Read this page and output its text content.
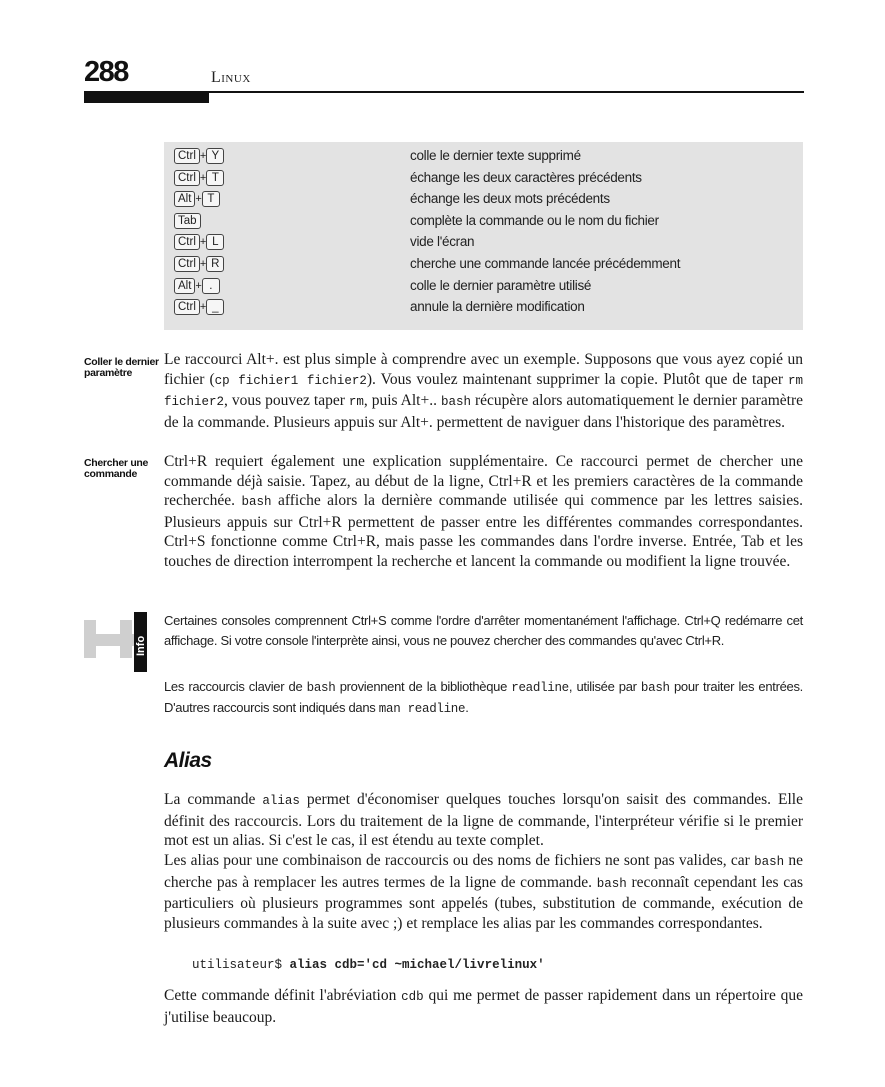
288	Linux
Ctrl + Y	colle le dernier texte supprimé
Ctrl + T	échange les deux caractères précédents
Alt + T	échange les deux mots précédents
Tab	complète la commande ou le nom du fichier
Ctrl + L	vide l'écran
Ctrl + R	cherche une commande lancée précédemment
Alt + .	colle le dernier paramètre utilisé
Ctrl + _	annule la dernière modification
Coller le dernier paramètre
Le raccourci Alt+. est plus simple à comprendre avec un exemple. Supposons que vous ayez copié un fichier (cp fichier1 fichier2). Vous voulez maintenant supprimer la copie. Plutôt que de taper rm fichier2, vous pouvez taper rm, puis Alt+.. bash récupère alors automatiquement le dernier paramètre de la commande. Plusieurs appuis sur Alt+. permettent de naviguer dans l'historique des paramètres.
Chercher une commande
Ctrl+R requiert également une explication supplémentaire. Ce raccourci permet de chercher une commande déjà saisie. Tapez, au début de la ligne, Ctrl+R et les premiers caractères de la commande recherchée. bash affiche alors la dernière commande utilisée qui commence par les lettres saisies. Plusieurs appuis sur Ctrl+R permettent de passer entre les différentes commandes correspondantes. Ctrl+S fonctionne comme Ctrl+R, mais passe les commandes dans l'ordre inverse. Entrée, Tab et les touches de direction interrompent la recherche et lancent la commande ou modifient la ligne trouvée.
Info
Certaines consoles comprennent Ctrl+S comme l'ordre d'arrêter momentanément l'affichage. Ctrl+Q redémarre cet affichage. Si votre console l'interprète ainsi, vous ne pouvez chercher des commandes qu'avec Ctrl+R.
Les raccourcis clavier de bash proviennent de la bibliothèque readline, utilisée par bash pour traiter les entrées. D'autres raccourcis sont indiqués dans man readline.
Alias
La commande alias permet d'économiser quelques touches lorsqu'on saisit des commandes. Elle définit des raccourcis. Lors du traitement de la ligne de commande, l'interpréteur vérifie si le premier mot est un alias. Si c'est le cas, il est étendu au texte complet.
Les alias pour une combinaison de raccourcis ou des noms de fichiers ne sont pas valides, car bash ne cherche pas à remplacer les autres termes de la ligne de commande. bash reconnaît cependant les cas particuliers où plusieurs programmes sont appelés (tubes, substitution de commande, exécution de plusieurs commandes à la suite avec ;) et remplace les alias par les commandes correspondantes.
utilisateur$ alias cdb='cd ~michael/livrelinux'
Cette commande définit l'abréviation cdb qui me permet de passer rapidement dans un répertoire que j'utilise beaucoup.
